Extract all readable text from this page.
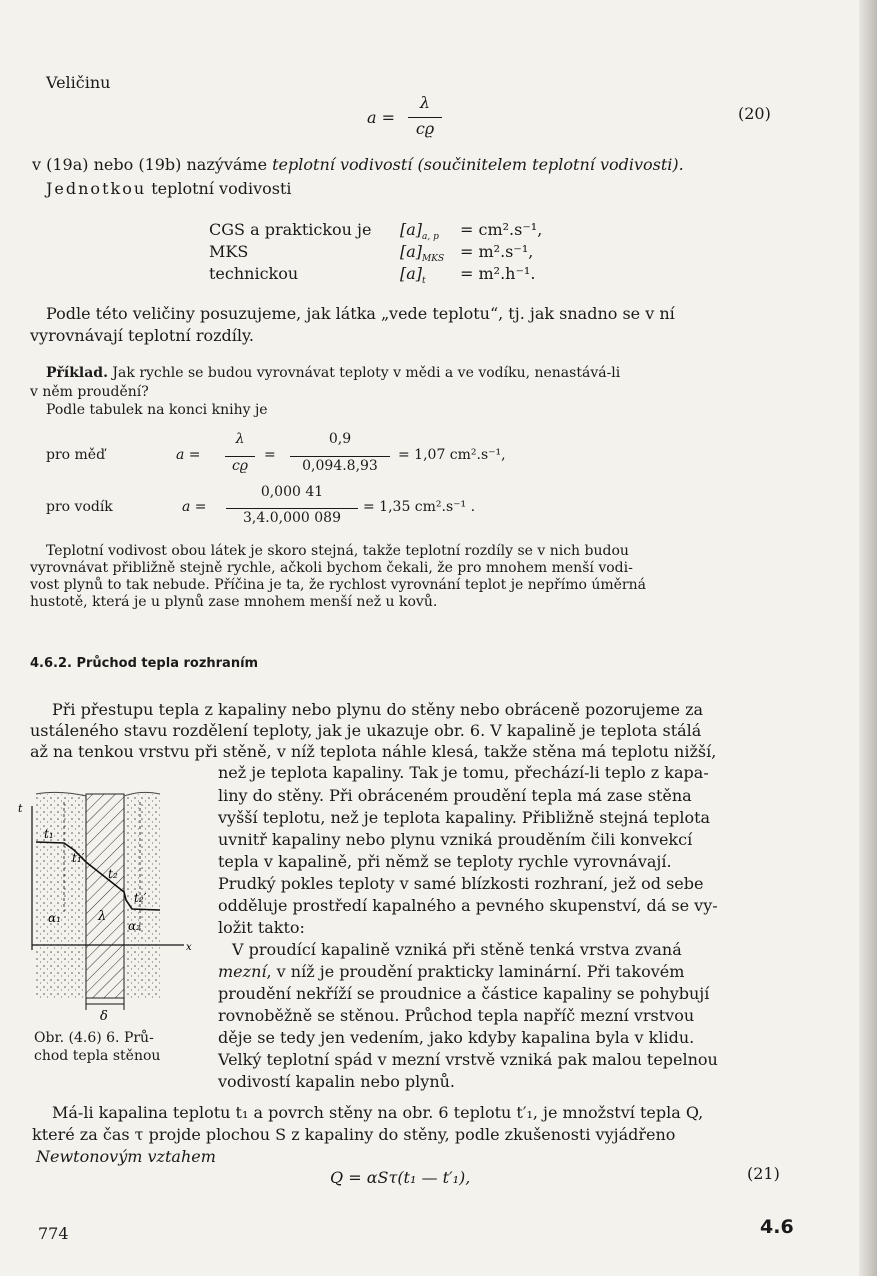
Veličinu
a =
λ
cϱ
(20)
v (19a) nebo (19b) nazýváme teplotní vodivostí (součinitelem teplotní vodivosti).
Jednotkou teplotní vodivosti
CGS a praktickou je $[a]_{a, p} = cm^2.s^{-1}$,
MKS	$[a]_{MKS} = m^2.s^{-1}$,
technickou	$[a]_t = m^2.h^{-1}$.
Podle této veličiny posuzujeme, jak látka „vede teplotu“, tj. jak snadno se v ní
vyrovnávají teplotní rozdíly.
Příklad. Jak rychle se budou vyrovnávat teploty v mědi a ve vodíku, nenastává-li
v něm proudění?
Podle tabulek na konci knihy je
pro měď	a =
λ
cϱ
=
0,9
0,094.8,93
= 1,07 cm².s⁻¹,
pro vodík	a =
0,000 41
3,4.0,000 089
= 1,35 cm².s⁻¹ .
Teplotní vodivost obou látek je skoro stejná, takže teplotní rozdíly se v nich budou
vyrovnávat přibližně stejně rychle, ačkoli bychom čekali, že pro mnohem menší vodi-
vost plynů to tak nebude. Příčina je ta, že rychlost vyrovnání teplot je nepřímo úměrná
hustotě, která je u plynů zase mnohem menší než u kovů.
4.6.2. Průchod tepla rozhraním
Při přestupu tepla z kapaliny nebo plynu do stěny nebo obráceně pozorujeme za
ustáleného stavu rozdělení teploty, jak je ukazuje obr. 6. V kapalině je teplota stálá
až na tenkou vrstvu při stěně, v níž teplota náhle klesá, takže stěna má teplotu nižší,
než je teplota kapaliny. Tak je tomu, přechází-li teplo z kapa-
liny do stěny. Při obráceném proudění tepla má zase stěna
vyšší teplotu, než je teplota kapaliny. Přibližně stejná teplota
uvnitř kapaliny nebo plynu vzniká prouděním čili konvekcí
tepla v kapalině, při němž se teploty rychle vyrovnávají.
Prudký pokles teploty v samé blízkosti rozhraní, jež od sebe
odděluje prostředí kapalného a pevného skupenství, dá se vy-
ložit takto:
V proudící kapalině vzniká při stěně tenká vrstva zvaná
mezní, v níž je proudění prakticky laminární. Při takovém
proudění nekříží se proudnice a částice kapaliny se pohybují
rovnoběžně se stěnou. Průchod tepla napříč mezní vrstvou
děje se tedy jen vedením, jako kdyby kapalina byla v klidu.
Velký teplotní spád v mezní vrstvě vzniká pak malou tepelnou
vodivostí kapalin nebo plynů.
t
x
t₁
t₁′
t₂
t₂′
α₁
α₂
λ
δ
Obr. (4.6) 6. Prů-
chod tepla stěnou
Má-li kapalina teplotu t₁ a povrch stěny na obr. 6 teplotu t′₁, je množství tepla Q,
které za čas τ projde plochou S z kapaliny do stěny, podle zkušenosti vyjádřeno
Newtonovým vztahem
Q = αSτ(t₁ — t′₁),	(21)
774	4.6
